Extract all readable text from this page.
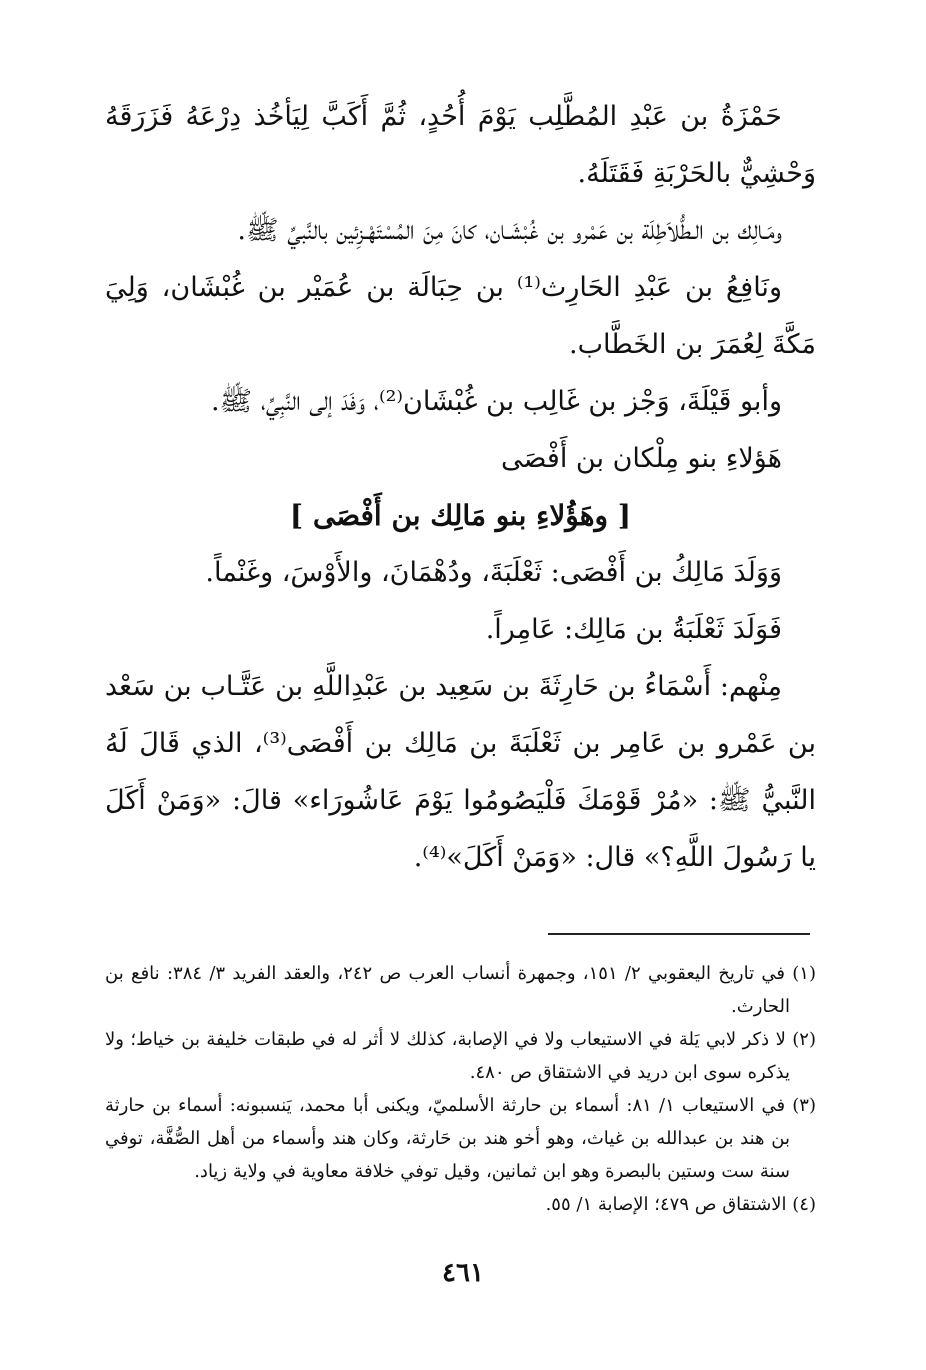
حَمْزَةُ بن عَبْدِ المُطَّلِب يَوْمَ أُحُدٍ، ثُمَّ أَكَبَّ لِيَأخُذ دِرْعَهُ فَزَرَقَهُ وَحْشِيٌّ بالحَرْبَةِ فَقَتَلَهُ.

ومَـالِك بن الـطُّلاَطِلَة بن عَمْرو بن غُبْشَـان، كانَ مِنَ المُسْتَهْـزِئين بالنَّبيِّ ﷺ.

ونَافِعُ بن عَبْدِ الحَارِث⁽¹⁾ بن حِبَالَة بن عُمَيْر بن غُبْشَان، وَلِيَ مَكَّةَ لِعُمَرَ بن الخَطَّاب.

وأبو قَيْلَةَ، وَجْز بن غَالِب بن غُبْشَان⁽²⁾، وَفَدَ إلى النَّبِيِّ، ﷺ.

هَؤلاءِ بنو مِلْكان بن أَفْصَى

[ وهَؤُلاءِ بنو مَالِك بن أَفْصَى ]

وَوَلَدَ مَالِكُ بن أَفْصَى: ثَعْلَبَةَ، ودُهْمَانَ، والأَوْسَ، وغَنْماً.

فَوَلَدَ ثَعْلَبَةُ بن مَالِك: عَامِراً.

مِنْهم: أَسْمَاءُ بن حَارِثَةَ بن سَعِيد بن عَبْدِاللَّهِ بن عَتَّـاب بن سَعْد بن عَمْرو بن عَامِر بن ثَعْلَبَةَ بن مَالِك بن أَفْصَى⁽³⁾، الذي قَالَ لَهُ النَّبيُّ ﷺ: «مُرْ قَوْمَكَ فَلْيَصُومُوا يَوْمَ عَاشُورَاء» قالَ: «وَمَنْ أَكَلَ يا رَسُولَ اللَّهِ؟» قال: «وَمَنْ أَكَلَ»⁽⁴⁾.

(١) في تاريخ اليعقوبي ٢/ ١٥١، وجمهرة أنساب العرب ص ٢٤٢، والعقد الفريد ٣/ ٣٨٤: نافع بن الحارث.

(٢) لا ذكر لابي يَلة في الاستيعاب ولا في الإصابة، كذلك لا أثر له في طبقات خليفة بن خياط؛ ولا يذكره سوى ابن دريد في الاشتقاق ص ٤٨٠.

(٣) في الاستيعاب ١/ ٨١: أسماء بن حارثة الأسلميّ، ويكنى أبا محمد، يَنسبونه: أسماء بن حارثة بن هند بن عبدالله بن غياث، وهو أخو هند بن حَارثة، وكان هند وأسماء من أهل الصُّفَّة، توفي سنة ست وستين بالبصرة وهو ابن ثمانين، وقيل توفي خلافة معاوية في ولاية زياد.

(٤) الاشتقاق ص ٤٧٩؛ الإصابة ١/ ٥٥.

٤٦١
